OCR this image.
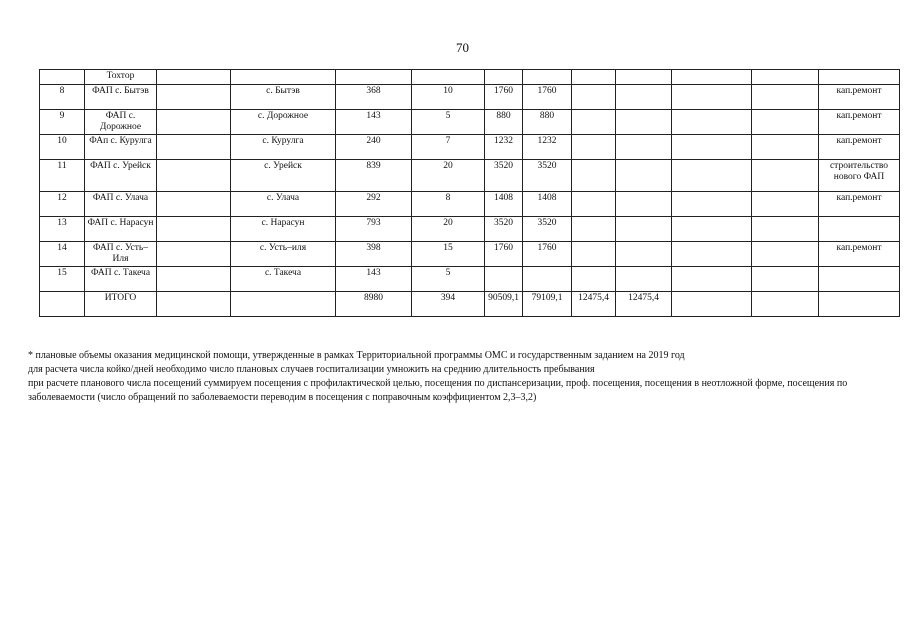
70
	Тохтор											
8	ФАП с. Бытэв		с. Бытэв	368	10	1760	1760					кап.ремонт
9	ФАП с. Дорожное		с. Дорожное	143	5	880	880					кап.ремонт
10	ФАп с. Курулга		с. Курулга	240	7	1232	1232					кап.ремонт
11	ФАП с. Урейск		с. Урейск	839	20	3520	3520					строительство нового ФАП
12	ФАП с. Улача		с. Улача	292	8	1408	1408					кап.ремонт
13	ФАП с. Нарасун		с. Нарасун	793	20	3520	3520					
14	ФАП с. Усть–Иля		с. Усть–иля	398	15	1760	1760					кап.ремонт
15	ФАП с. Такеча		с. Такеча	143	5							
	ИТОГО			8980	394	90509,1	79109,1	12475,4	12475,4			

* плановые объемы оказания медицинской помощи, утвержденные в рамках Территориальной программы ОМС и государственным заданием на 2019 год

для расчета числа койко/дней необходимо число плановых случаев госпитализации умножить на среднию длительность пребывания

при расчете планового числа посещений суммируем посещения с профилактической целью, посещения по диспансеризации, проф. посещения, посещения в неотложной форме, посещения по заболеваемости (число обращений по заболеваемости переводим в посещения с поправочным коэффициентом 2,3–3,2)
